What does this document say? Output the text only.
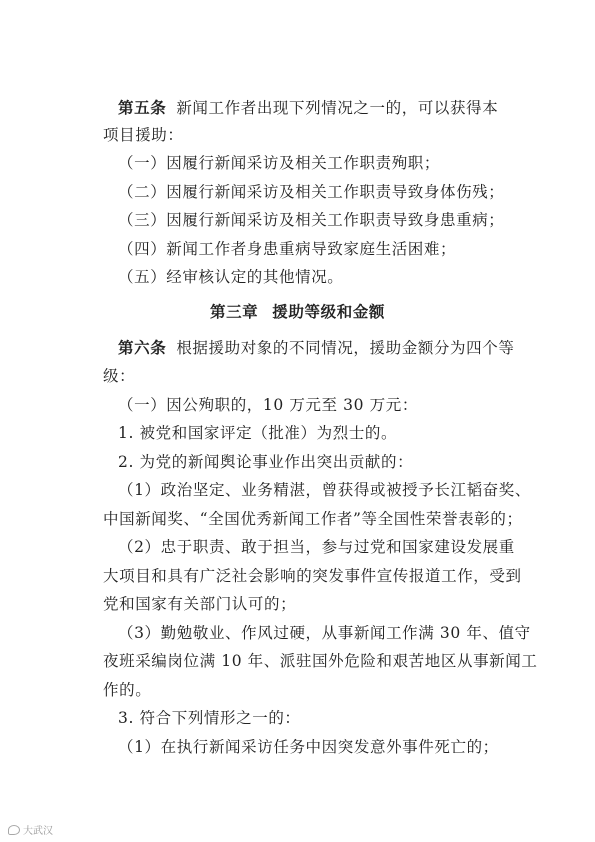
第五条 新闻工作者出现下列情况之一的，可以获得本
项目援助：
（一）因履行新闻采访及相关工作职责殉职；
（二）因履行新闻采访及相关工作职责导致身体伤残；
（三）因履行新闻采访及相关工作职责导致身患重病；
（四）新闻工作者身患重病导致家庭生活困难；
（五）经审核认定的其他情况。
第三章 援助等级和金额
第六条 根据援助对象的不同情况，援助金额分为四个等
级：
（一）因公殉职的，10 万元至 30 万元：
1. 被党和国家评定（批准）为烈士的。
2. 为党的新闻舆论事业作出突出贡献的：
（1）政治坚定、业务精湛，曾获得或被授予长江韬奋奖、
中国新闻奖、“全国优秀新闻工作者”等全国性荣誉表彰的；
（2）忠于职责、敢于担当，参与过党和国家建设发展重
大项目和具有广泛社会影响的突发事件宣传报道工作，受到
党和国家有关部门认可的；
（3）勤勉敬业、作风过硬，从事新闻工作满 30 年、值守
夜班采编岗位满 10 年、派驻国外危险和艰苦地区从事新闻工
作的。
3. 符合下列情形之一的：
（1）在执行新闻采访任务中因突发意外事件死亡的；
大武汉
